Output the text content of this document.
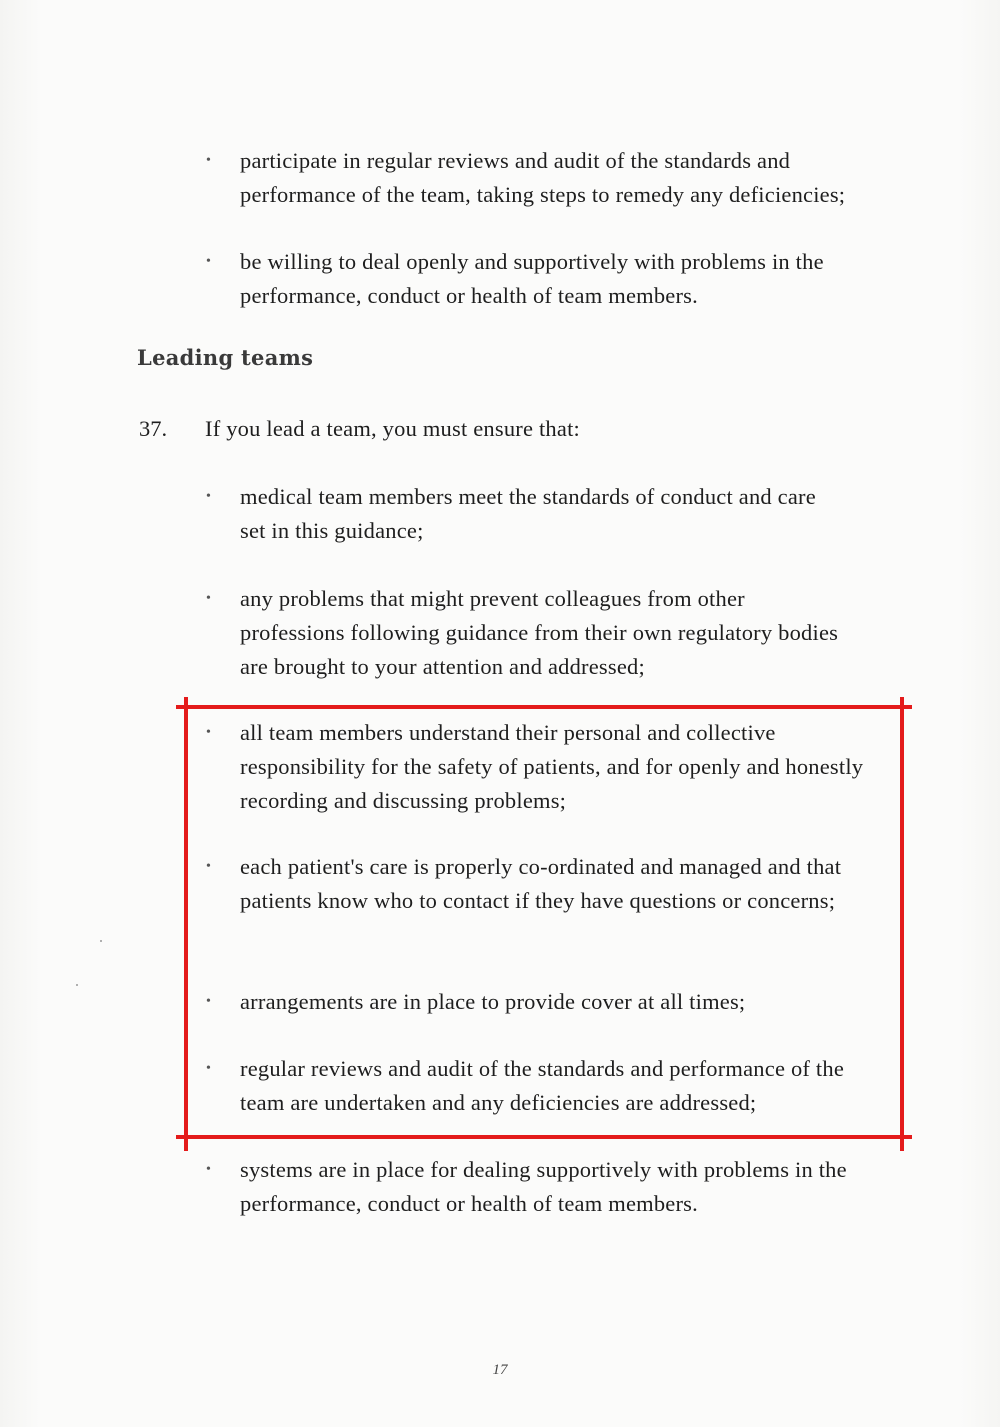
•	participate in regular reviews and audit of the standards and performance of the team, taking steps to remedy any deficiencies;
•	be willing to deal openly and supportively with problems in the performance, conduct or health of team members.
Leading teams
37. If you lead a team, you must ensure that:
•	medical team members meet the standards of conduct and care set in this guidance;
•	any problems that might prevent colleagues from other professions following guidance from their own regulatory bodies are brought to your attention and addressed;
•	all team members understand their personal and collective responsibility for the safety of patients, and for openly and honestly recording and discussing problems;
•	each patient's care is properly co-ordinated and managed and that patients know who to contact if they have questions or concerns;
•	arrangements are in place to provide cover at all times;
•	regular reviews and audit of the standards and performance of the team are undertaken and any deficiencies are addressed;
•	systems are in place for dealing supportively with problems in the performance, conduct or health of team members.
17
